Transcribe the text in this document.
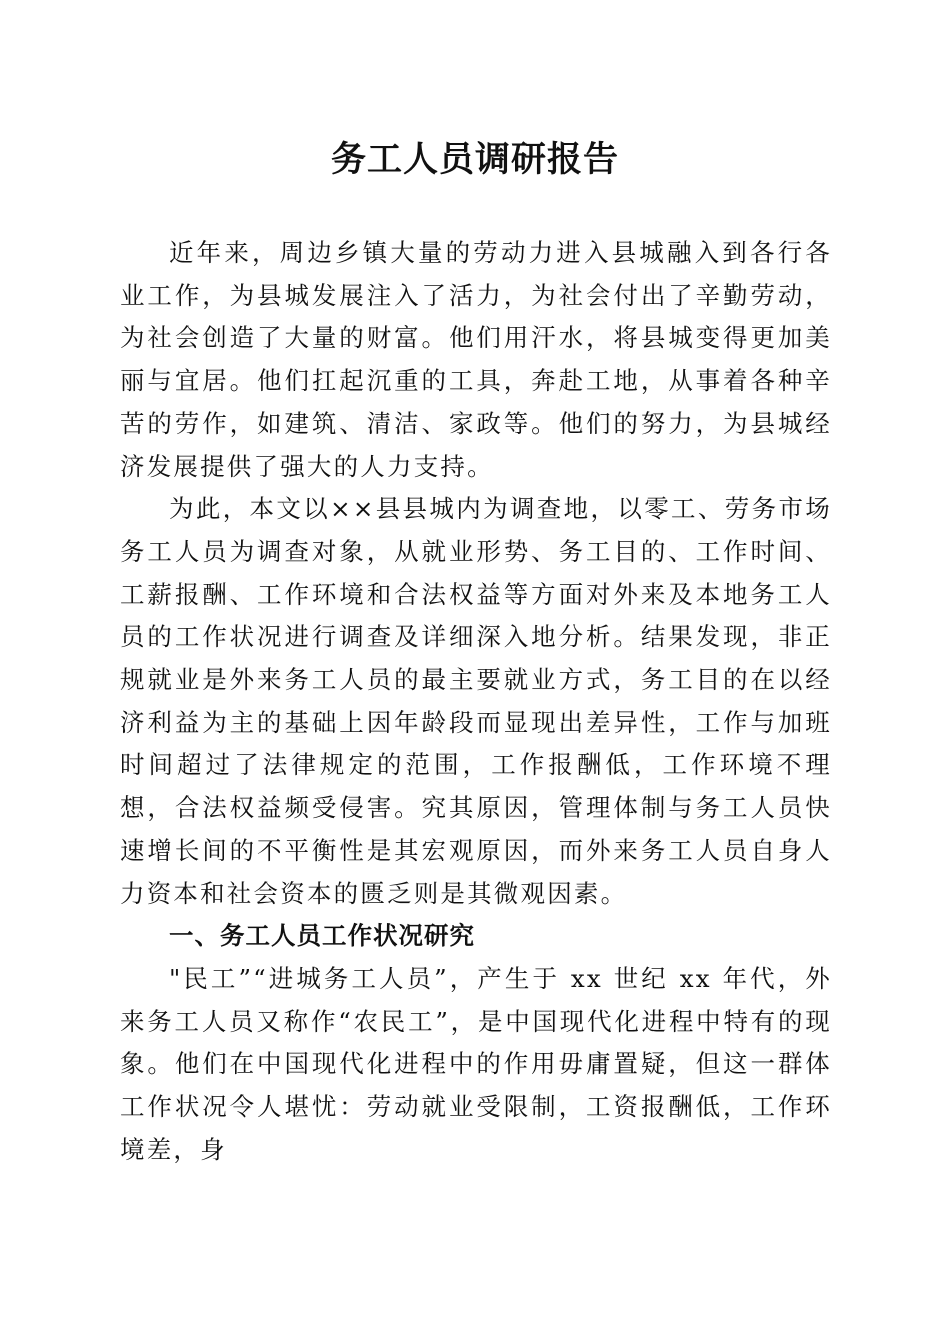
务工人员调研报告

近年来，周边乡镇大量的劳动力进入县城融入到各行各业工作，为县城发展注入了活力，为社会付出了辛勤劳动，为社会创造了大量的财富。他们用汗水，将县城变得更加美丽与宜居。他们扛起沉重的工具，奔赴工地，从事着各种辛苦的劳作，如建筑、清洁、家政等。他们的努力，为县城经济发展提供了强大的人力支持。

为此，本文以××县县城内为调查地，以零工、劳务市场务工人员为调查对象，从就业形势、务工目的、工作时间、工薪报酬、工作环境和合法权益等方面对外来及本地务工人员的工作状况进行调查及详细深入地分析。结果发现，非正规就业是外来务工人员的最主要就业方式，务工目的在以经济利益为主的基础上因年龄段而显现出差异性，工作与加班时间超过了法律规定的范围，工作报酬低，工作环境不理想，合法权益频受侵害。究其原因，管理体制与务工人员快速增长间的不平衡性是其宏观原因，而外来务工人员自身人力资本和社会资本的匮乏则是其微观因素。

一、务工人员工作状况研究

"民工”“进城务工人员”，产生于 xx 世纪 xx 年代，外来务工人员又称作“农民工”，是中国现代化进程中特有的现象。他们在中国现代化进程中的作用毋庸置疑，但这一群体工作状况令人堪忧：劳动就业受限制，工资报酬低，工作环境差，身
